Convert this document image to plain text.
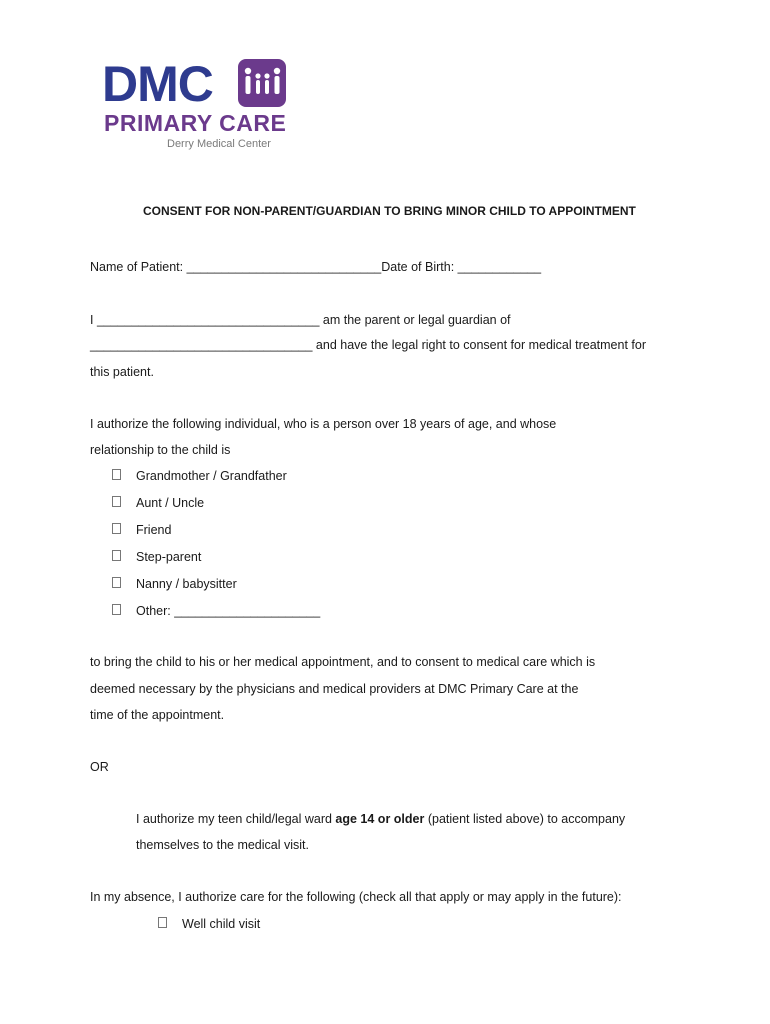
DMC
PRIMARY CARE
Derry Medical Center
CONSENT FOR NON-PARENT/GUARDIAN TO BRING MINOR CHILD TO APPOINTMENT
Name of Patient: ____________________________Date of Birth: ____________
I ________________________________ am the parent or legal guardian of
________________________________ and have the legal right to consent for medical treatment for
this patient.
I authorize the following individual, who is a person over 18 years of age, and whose
relationship to the child is
Grandmother / Grandfather
Aunt / Uncle
Friend
Step-parent
Nanny / babysitter
Other: _____________________
to bring the child to his or her medical appointment, and to consent to medical care which is
deemed necessary by the physicians and medical providers at DMC Primary Care at the
time of the appointment.
OR
I authorize my teen child/legal ward age 14 or older (patient listed above) to accompany
themselves to the medical visit.
In my absence, I authorize care for the following (check all that apply or may apply in the future):
Well child visit
